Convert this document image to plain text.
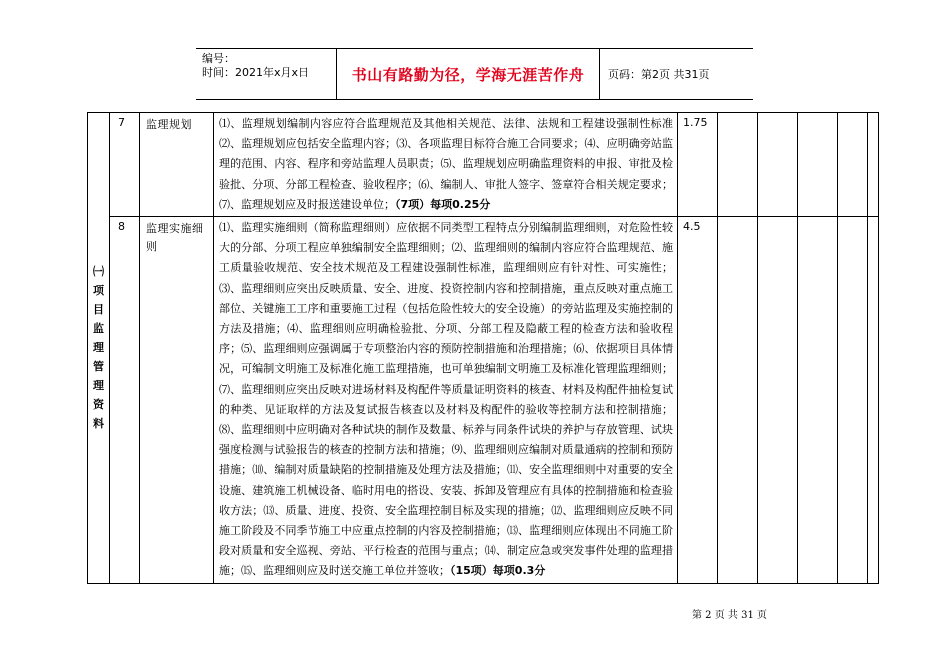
编号：
时间：2021年x月x日	书山有路勤为径，学海无涯苦作舟	页码：第2页 共31页
㈠项目监理管理资料	7	监理规划	⑴、监理规划编制内容应符合监理规范及其他相关规范、法律、法规和工程建设强制性标准⑵、监理规划应包括安全监理内容；⑶、各项监理目标符合施工合同要求；⑷、应明确旁站监理的范围、内容、程序和旁站监理人员职责；⑸、监理规划应明确监理资料的申报、审批及检验批、分项、分部工程检查、验收程序；⑹、编制人、审批人签字、签章符合相关规定要求；⑺、监理规划应及时报送建设单位；（7项）每项0.25分	1.75					
	8	监理实施细则	⑴、监理实施细则（简称监理细则）应依据不同类型工程特点分别编制监理细则，对危险性较大的分部、分项工程应单独编制安全监理细则；⑵、监理细则的编制内容应符合监理规范、施工质量验收规范、安全技术规范及工程建设强制性标准，监理细则应有针对性、可实施性；⑶、监理细则应突出反映质量、安全、进度、投资控制内容和控制措施，重点反映对重点施工部位、关键施工工序和重要施工过程（包括危险性较大的安全设施）的旁站监理及实施控制的方法及措施；⑷、监理细则应明确检验批、分项、分部工程及隐蔽工程的检查方法和验收程序；⑸、监理细则应强调属于专项整治内容的预防控制措施和治理措施；⑹、依据项目具体情况，可编制文明施工及标准化施工监理措施，也可单独编制文明施工及标准化管理监理细则；⑺、监理细则应突出反映对进场材料及构配件等质量证明资料的核查、材料及构配件抽检复试的种类、见证取样的方法及复试报告核查以及材料及构配件的验收等控制方法和控制措施；⑻、监理细则中应明确对各种试块的制作及数量、标养与同条件试块的养护与存放管理、试块强度检测与试验报告的核查的控制方法和措施；⑼、监理细则应编制对质量通病的控制和预防措施；⑽、编制对质量缺陷的控制措施及处理方法及措施；⑾、安全监理细则中对重要的安全设施、建筑施工机械设备、临时用电的搭设、安装、拆卸及管理应有具体的控制措施和检查验收方法；⒀、质量、进度、投资、安全监理控制目标及实现的措施；⑿、监理细则应反映不同施工阶段及不同季节施工中应重点控制的内容及控制措施；⒀、监理细则应体现出不同施工阶段对质量和安全巡视、旁站、平行检查的范围与重点；⒁、制定应急或突发事件处理的监理措施；⒂、监理细则应及时送交施工单位并签收；（15项）每项0.3分	4.5					
第 2 页 共 31 页
